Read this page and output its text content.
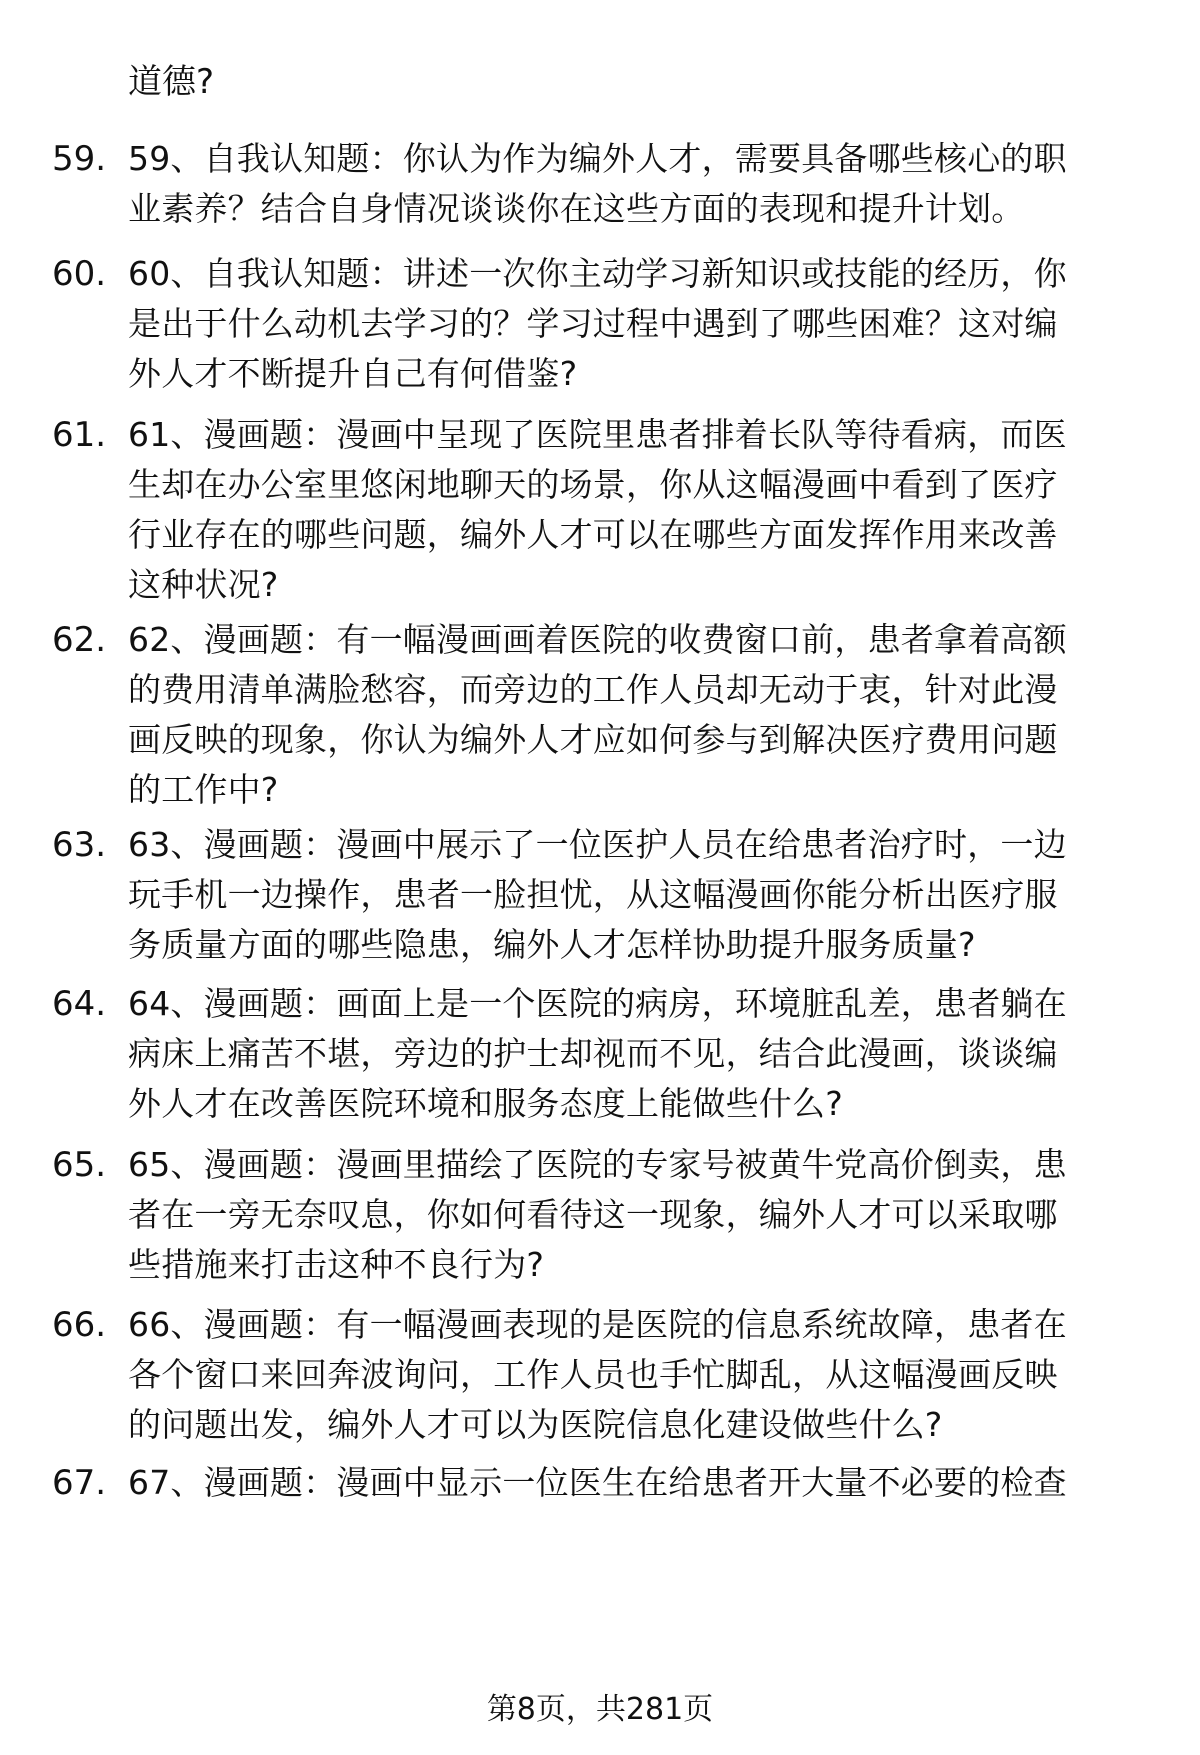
道德?
59. 59、自我认知题：你认为作为编外人才，需要具备哪些核心的职
业素养？结合自身情况谈谈你在这些方面的表现和提升计划。
60. 60、自我认知题：讲述一次你主动学习新知识或技能的经历，你
是出于什么动机去学习的？学习过程中遇到了哪些困难？这对编
外人才不断提升自己有何借鉴?
61. 61、漫画题：漫画中呈现了医院里患者排着长队等待看病，而医
生却在办公室里悠闲地聊天的场景，你从这幅漫画中看到了医疗
行业存在的哪些问题，编外人才可以在哪些方面发挥作用来改善
这种状况?
62. 62、漫画题：有一幅漫画画着医院的收费窗口前，患者拿着高额
的费用清单满脸愁容，而旁边的工作人员却无动于衷，针对此漫
画反映的现象，你认为编外人才应如何参与到解决医疗费用问题
的工作中?
63. 63、漫画题：漫画中展示了一位医护人员在给患者治疗时，一边
玩手机一边操作，患者一脸担忧，从这幅漫画你能分析出医疗服
务质量方面的哪些隐患，编外人才怎样协助提升服务质量?
64. 64、漫画题：画面上是一个医院的病房，环境脏乱差，患者躺在
病床上痛苦不堪，旁边的护士却视而不见，结合此漫画，谈谈编
外人才在改善医院环境和服务态度上能做些什么?
65. 65、漫画题：漫画里描绘了医院的专家号被黄牛党高价倒卖，患
者在一旁无奈叹息，你如何看待这一现象，编外人才可以采取哪
些措施来打击这种不良行为?
66. 66、漫画题：有一幅漫画表现的是医院的信息系统故障，患者在
各个窗口来回奔波询问，工作人员也手忙脚乱，从这幅漫画反映
的问题出发，编外人才可以为医院信息化建设做些什么?
67. 67、漫画题：漫画中显示一位医生在给患者开大量不必要的检查
第8页，共281页
